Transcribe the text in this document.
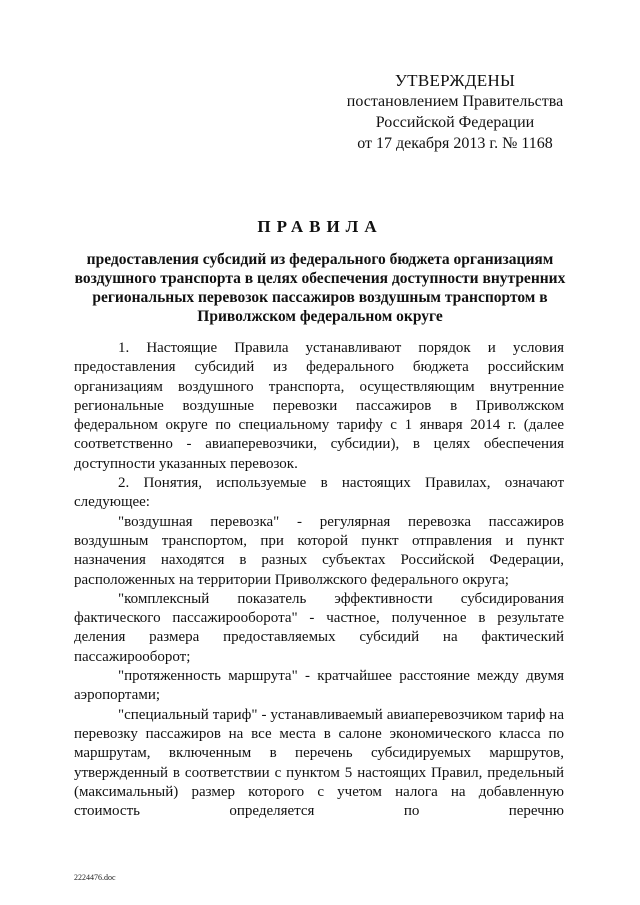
УТВЕРЖДЕНЫ
постановлением Правительства
Российской Федерации
от 17 декабря 2013 г. № 1168
ПРАВИЛА
предоставления субсидий из федерального бюджета организациям воздушного транспорта в целях обеспечения доступности внутренних региональных перевозок пассажиров воздушным транспортом в Приволжском федеральном округе

1. Настоящие Правила устанавливают порядок и условия предоставления субсидий из федерального бюджета российским организациям воздушного транспорта, осуществляющим внутренние региональные воздушные перевозки пассажиров в Приволжском федеральном округе по специальному тарифу с 1 января 2014 г. (далее соответственно - авиаперевозчики, субсидии), в целях обеспечения доступности указанных перевозок.

2. Понятия, используемые в настоящих Правилах, означают следующее:

"воздушная перевозка" - регулярная перевозка пассажиров воздушным транспортом, при которой пункт отправления и пункт назначения находятся в разных субъектах Российской Федерации, расположенных на территории Приволжского федерального округа;

"комплексный показатель эффективности субсидирования фактического пассажирооборота" - частное, полученное в результате деления размера предоставляемых субсидий на фактический пассажирооборот;

"протяженность маршрута" - кратчайшее расстояние между двумя аэропортами;

"специальный тариф" - устанавливаемый авиаперевозчиком тариф на перевозку пассажиров на все места в салоне экономического класса по маршрутам, включенным в перечень субсидируемых маршрутов, утвержденный в соответствии с пунктом 5 настоящих Правил, предельный (максимальный) размер которого с учетом налога на добавленную стоимость определяется по перечню

2224476.doc
